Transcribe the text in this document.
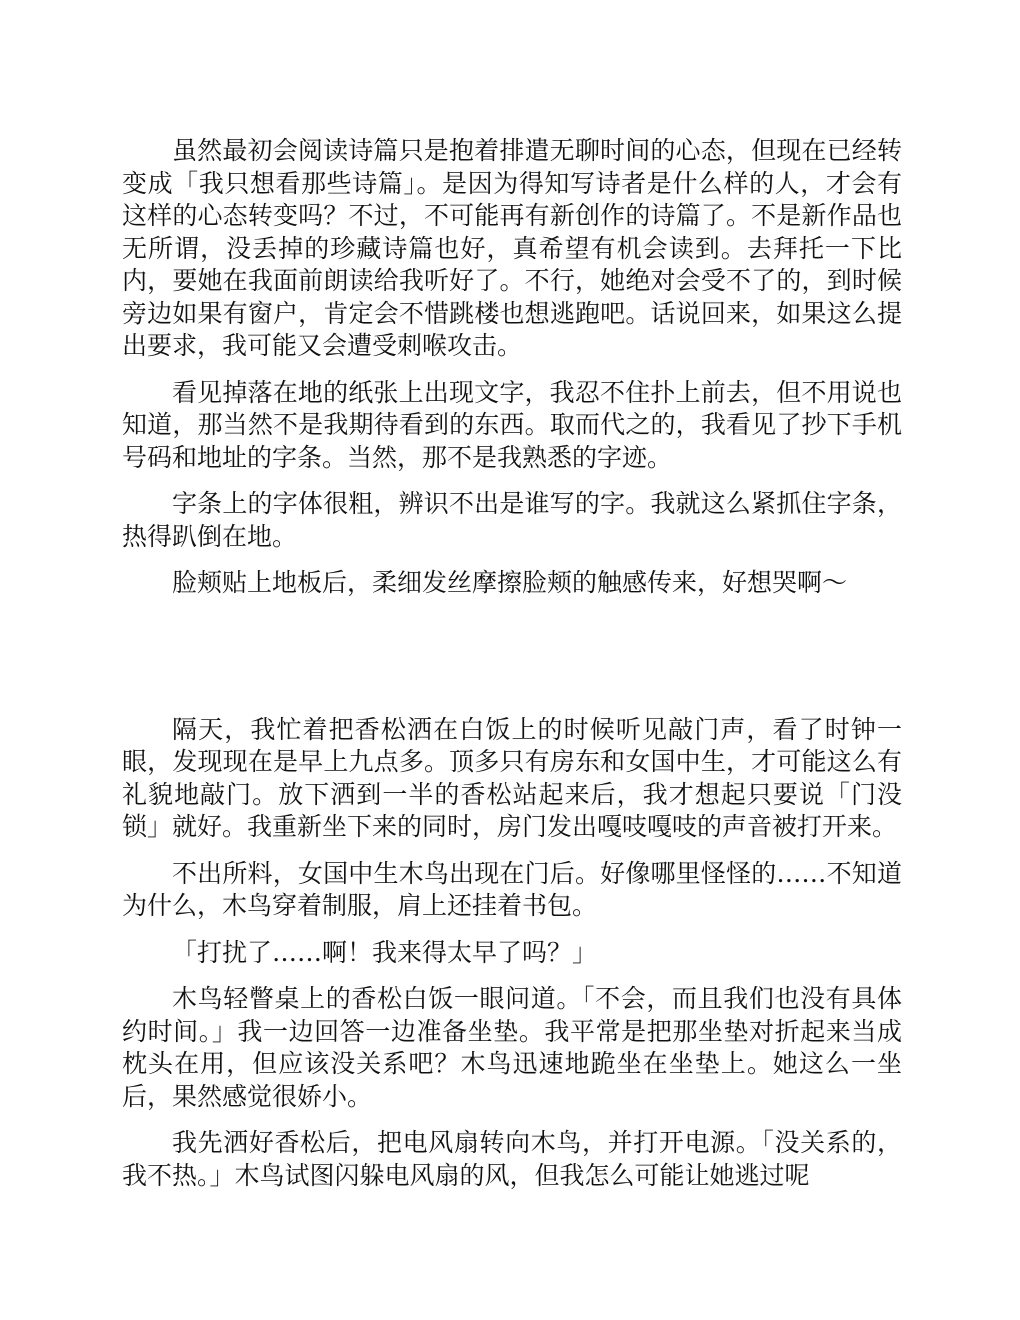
虽然最初会阅读诗篇只是抱着排遣无聊时间的心态，但现在已经转变成「我只想看那些诗篇」。是因为得知写诗者是什么样的人，才会有这样的心态转变吗？不过，不可能再有新创作的诗篇了。不是新作品也无所谓，没丢掉的珍藏诗篇也好，真希望有机会读到。去拜托一下比内，要她在我面前朗读给我听好了。不行，她绝对会受不了的，到时候旁边如果有窗户，肯定会不惜跳楼也想逃跑吧。话说回来，如果这么提出要求，我可能又会遭受刺喉攻击。

看见掉落在地的纸张上出现文字，我忍不住扑上前去，但不用说也知道，那当然不是我期待看到的东西。取而代之的，我看见了抄下手机号码和地址的字条。当然，那不是我熟悉的字迹。

字条上的字体很粗，辨识不出是谁写的字。我就这么紧抓住字条，热得趴倒在地。

脸颊贴上地板后，柔细发丝摩擦脸颊的触感传来，好想哭啊～

隔天，我忙着把香松洒在白饭上的时候听见敲门声，看了时钟一眼，发现现在是早上九点多。顶多只有房东和女国中生，才可能这么有礼貌地敲门。放下洒到一半的香松站起来后，我才想起只要说「门没锁」就好。我重新坐下来的同时，房门发出嘎吱嘎吱的声音被打开来。

不出所料，女国中生木鸟出现在门后。好像哪里怪怪的……不知道为什么，木鸟穿着制服，肩上还挂着书包。

「打扰了……啊！我来得太早了吗？」

木鸟轻瞥桌上的香松白饭一眼问道。「不会，而且我们也没有具体约时间。」我一边回答一边准备坐垫。我平常是把那坐垫对折起来当成枕头在用，但应该没关系吧？木鸟迅速地跪坐在坐垫上。她这么一坐后，果然感觉很娇小。

我先洒好香松后，把电风扇转向木鸟，并打开电源。「没关系的，我不热。」木鸟试图闪躲电风扇的风，但我怎么可能让她逃过呢
